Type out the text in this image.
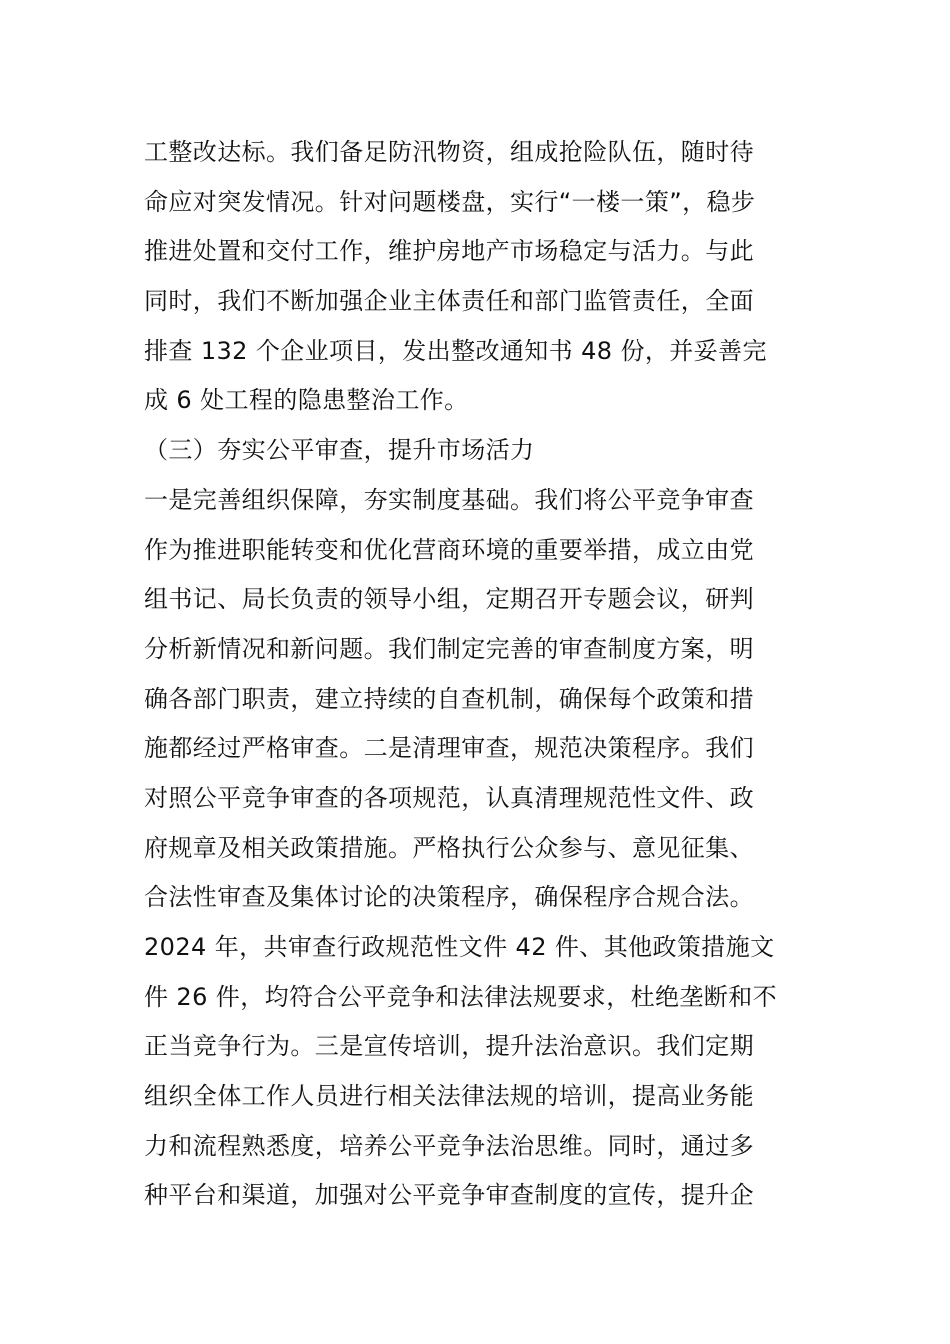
工整改达标。我们备足防汛物资，组成抢险队伍，随时待
命应对突发情况。针对问题楼盘，实行“一楼一策”，稳步
推进处置和交付工作，维护房地产市场稳定与活力。与此
同时，我们不断加强企业主体责任和部门监管责任，全面
排查 132 个企业项目，发出整改通知书 48 份，并妥善完
成 6 处工程的隐患整治工作。
（三）夯实公平审查，提升市场活力
一是完善组织保障，夯实制度基础。我们将公平竞争审查
作为推进职能转变和优化营商环境的重要举措，成立由党
组书记、局长负责的领导小组，定期召开专题会议，研判
分析新情况和新问题。我们制定完善的审查制度方案，明
确各部门职责，建立持续的自查机制，确保每个政策和措
施都经过严格审查。二是清理审查，规范决策程序。我们
对照公平竞争审查的各项规范，认真清理规范性文件、政
府规章及相关政策措施。严格执行公众参与、意见征集、
合法性审查及集体讨论的决策程序，确保程序合规合法。
2024 年，共审查行政规范性文件 42 件、其他政策措施文
件 26 件，均符合公平竞争和法律法规要求，杜绝垄断和不
正当竞争行为。三是宣传培训，提升法治意识。我们定期
组织全体工作人员进行相关法律法规的培训，提高业务能
力和流程熟悉度，培养公平竞争法治思维。同时，通过多
种平台和渠道，加强对公平竞争审查制度的宣传，提升企
